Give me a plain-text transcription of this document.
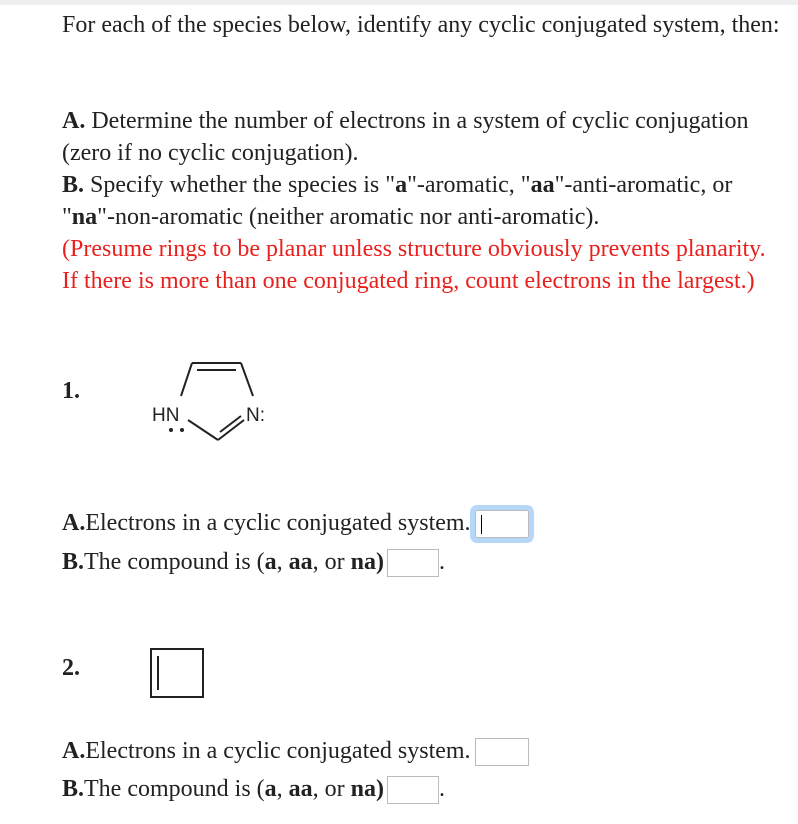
For each of the species below, identify any cyclic conjugated system, then:
A. Determine the number of electrons in a system of cyclic conjugation (zero if no cyclic conjugation).
B. Specify whether the species is "a"-aromatic, "aa"-anti-aromatic, or "na"-non-aromatic (neither aromatic nor anti-aromatic).
(Presume rings to be planar unless structure obviously prevents planarity. If there is more than one conjugated ring, count electrons in the largest.)
1.
HN	N:
A.Electrons in a cyclic conjugated system.
B.The compound is (a, aa, or na) .
2.
A.Electrons in a cyclic conjugated system.
B.The compound is (a, aa, or na) .
